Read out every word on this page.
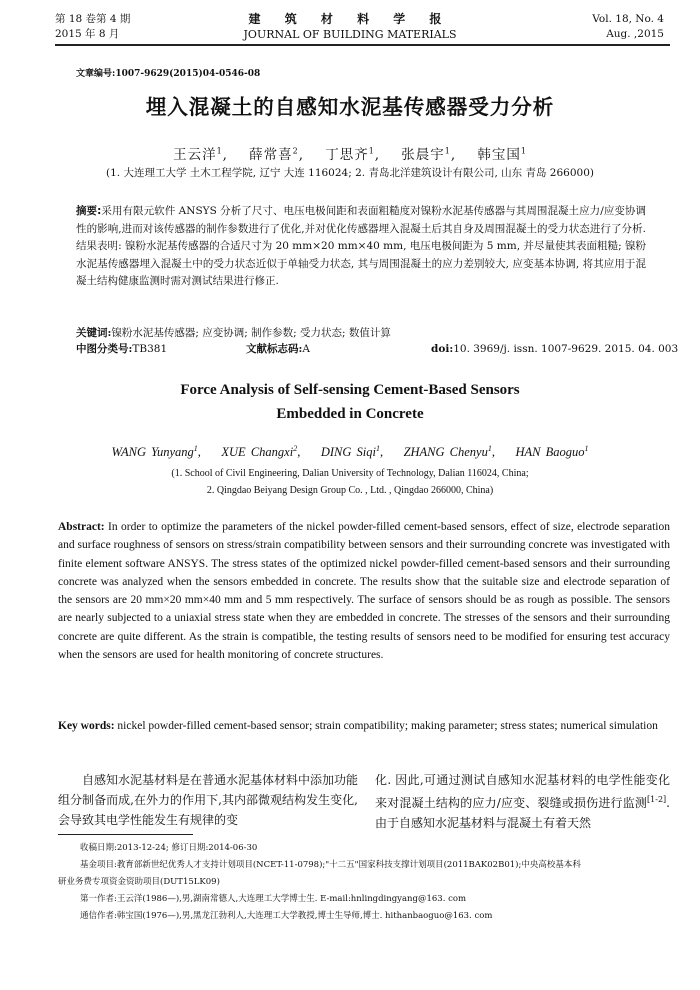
第 18 卷第 4 期
2015 年 8 月
建 筑 材 料 学 报
JOURNAL OF BUILDING MATERIALS
Vol. 18, No. 4
Aug. ,2015
文章编号:1007-9629(2015)04-0546-08
埋入混凝土的自感知水泥基传感器受力分析
王云洋$^1$,    薛常喜$^2$,    丁思齐$^1$,    张晨宇$^1$,    韩宝国$^1$
(1. 大连理工大学 土木工程学院, 辽宁 大连 116024; 2. 青岛北洋建筑设计有限公司, 山东 青岛 266000)
摘要:采用有限元软件 ANSYS 分析了尺寸、电压电极间距和表面粗糙度对镍粉水泥基传感器与其周围混凝土应力/应变协调性的影响,进而对该传感器的制作参数进行了优化,并对优化传感器埋入混凝土后其自身及周围混凝土的受力状态进行了分析. 结果表明: 镍粉水泥基传感器的合适尺寸为 20 mm×20 mm×40 mm, 电压电极间距为 5 mm, 并尽量使其表面粗糙; 镍粉水泥基传感器埋入混凝土中的受力状态近似于单轴受力状态, 其与周围混凝土的应力差别较大, 应变基本协调, 将其应用于混凝土结构健康监测时需对测试结果进行修正.
关键词:镍粉水泥基传感器; 应变协调; 制作参数; 受力状态; 数值计算
中图分类号: TB381	文献标志码: A	doi: 10. 3969/j. issn. 1007-9629. 2015. 04. 003
Force Analysis of Self-sensing Cement-Based Sensors
Embedded in Concrete
WANG Yunyang$^1$,    XUE Changxi$^2$,    DING Siqi$^1$,    ZHANG Chenyu$^1$,    HAN Baoguo$^1$
(1. School of Civil Engineering, Dalian University of Technology, Dalian 116024, China;
2. Qingdao Beiyang Design Group Co. , Ltd. , Qingdao 266000, China)
Abstract: In order to optimize the parameters of the nickel powder-filled cement-based sensors, effect of size, electrode separation and surface roughness of sensors on stress/strain compatibility between sensors and their surrounding concrete was investigated with finite element software ANSYS. The stress states of the optimized nickel powder-filled cement-based sensors and their surrounding concrete was analyzed when the sensors embedded in concrete. The results show that the suitable size and electrode separation of the sensors are 20 mm×20 mm×40 mm and 5 mm respectively. The surface of sensors should be as rough as possible. The sensors are nearly subjected to a uniaxial stress state when they are embedded in concrete. The stresses of the sensors and their surrounding concrete are quite different. As the strain is compatible, the testing results of sensors need to be modified for ensuring test accuracy when the sensors are used for health monitoring of concrete structures.
Key words: nickel powder-filled cement-based sensor; strain compatibility; making parameter; stress states; numerical simulation
自感知水泥基材料是在普通水泥基体材料中添加功能组分制备而成,在外力的作用下,其内部微观结构发生变化,会导致其电学性能发生有规律的变
化. 因此,可通过测试自感知水泥基材料的电学性能变化来对混凝土结构的应力/应变、裂缝或损伤进行监测[1-2]. 由于自感知水泥基材料与混凝土有着天然
收稿日期:2013-12-24; 修订日期:2014-06-30
基金项目:教育部新世纪优秀人才支持计划项目(NCET-11-0798);"十二五"国家科技支撑计划项目(2011BAK02B01);中央高校基本科
研业务费专项资金资助项目(DUT15LK09)
第一作者:王云洋(1986—),男,湖南常德人,大连理工大学博士生. E-mail:hnlingdingyang@163. com
通信作者:韩宝国(1976—),男,黑龙江勃利人,大连理工大学教授,博士生导师,博士. hithanbaoguo@163. com
